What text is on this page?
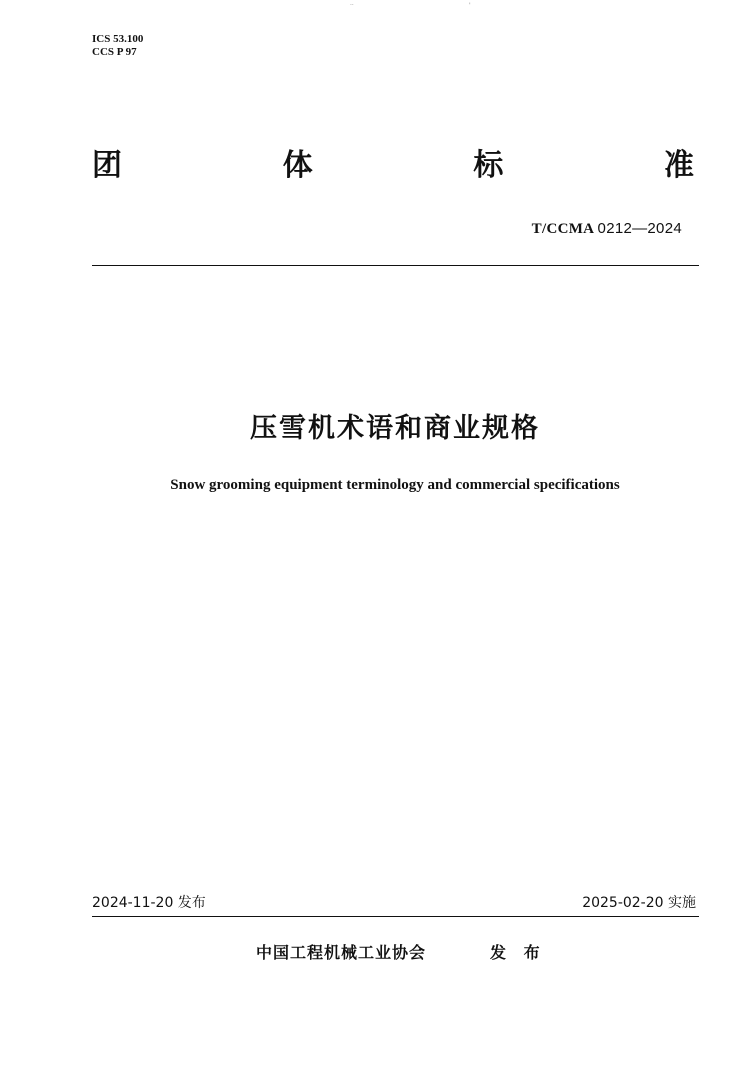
··	'
ICS 53.100
CCS P 97
团	体	标	准
T/CCMA 0212—2024
压雪机术语和商业规格
Snow grooming equipment terminology and commercial specifications
2024-11-20 发布	2025-02-20 实施
中国工程机械工业协会	发 布
